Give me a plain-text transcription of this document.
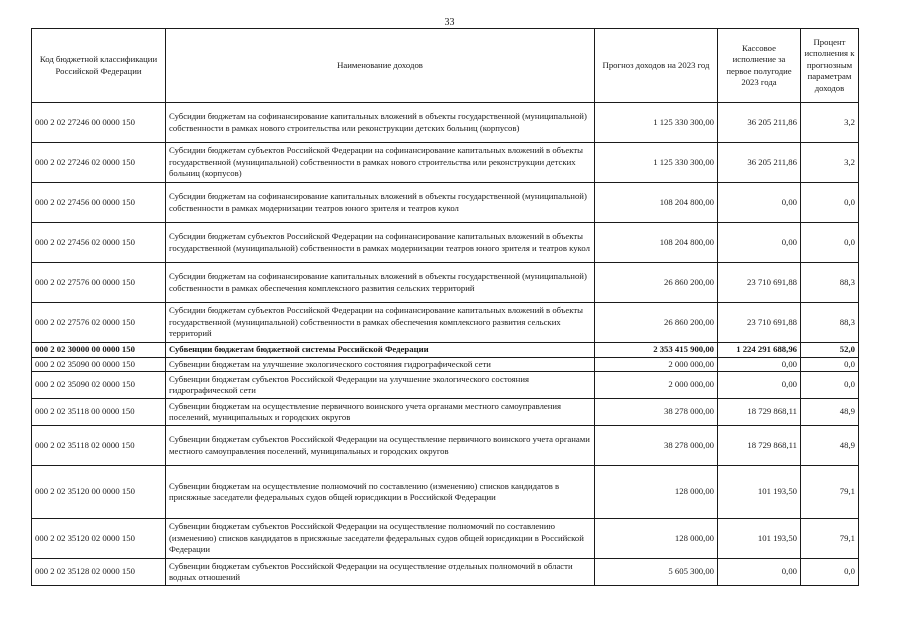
33
Код бюджетной классификации Российской Федерации	Наименование доходов	Прогноз доходов на 2023 год	Кассовое исполнение за первое полугодие 2023 года	Процент исполнения к прогнозным параметрам доходов
000 2 02 27246 00 0000 150	Субсидии бюджетам на софинансирование капитальных вложений в объекты государственной (муниципальной) собственности в рамках нового строительства или реконструкции детских больниц (корпусов)	1 125 330 300,00	36 205 211,86	3,2
000 2 02 27246 02 0000 150	Субсидии бюджетам субъектов Российской Федерации на софинансирование капитальных вложений в объекты государственной (муниципальной) собственности в рамках нового строительства или реконструкции детских больниц (корпусов)	1 125 330 300,00	36 205 211,86	3,2
000 2 02 27456 00 0000 150	Субсидии бюджетам на софинансирование капитальных вложений в объекты государственной (муниципальной) собственности в рамках модернизации театров юного зрителя и театров кукол	108 204 800,00	0,00	0,0
000 2 02 27456 02 0000 150	Субсидии бюджетам субъектов Российской Федерации на софинансирование капитальных вложений в объекты государственной (муниципальной) собственности в рамках модернизации театров юного зрителя и театров кукол	108 204 800,00	0,00	0,0
000 2 02 27576 00 0000 150	Субсидии бюджетам на софинансирование капитальных вложений в объекты государственной (муниципальной) собственности в рамках обеспечения комплексного развития сельских территорий	26 860 200,00	23 710 691,88	88,3
000 2 02 27576 02 0000 150	Субсидии бюджетам субъектов Российской Федерации на софинансирование капитальных вложений в объекты государственной (муниципальной) собственности в рамках обеспечения комплексного развития сельских территорий	26 860 200,00	23 710 691,88	88,3
000 2 02 30000 00 0000 150	Субвенции бюджетам бюджетной системы Российской Федерации	2 353 415 900,00	1 224 291 688,96	52,0
000 2 02 35090 00 0000 150	Субвенции бюджетам на улучшение экологического состояния гидрографической сети	2 000 000,00	0,00	0,0
000 2 02 35090 02 0000 150	Субвенции бюджетам субъектов Российской Федерации на улучшение экологического состояния гидрографической сети	2 000 000,00	0,00	0,0
000 2 02 35118 00 0000 150	Субвенции бюджетам на осуществление первичного воинского учета органами местного самоуправления поселений, муниципальных и городских округов	38 278 000,00	18 729 868,11	48,9
000 2 02 35118 02 0000 150	Субвенции бюджетам субъектов Российской Федерации на осуществление первичного воинского учета органами местного самоуправления поселений, муниципальных и городских округов	38 278 000,00	18 729 868,11	48,9
000 2 02 35120 00 0000 150	Субвенции бюджетам на осуществление полномочий по составлению (изменению) списков кандидатов в присяжные заседатели федеральных судов общей юрисдикции в Российской Федерации	128 000,00	101 193,50	79,1
000 2 02 35120 02 0000 150	Субвенции бюджетам субъектов Российской Федерации на осуществление полномочий по составлению (изменению) списков кандидатов в присяжные заседатели федеральных судов общей юрисдикции в Российской Федерации	128 000,00	101 193,50	79,1
000 2 02 35128 02 0000 150	Субвенции бюджетам субъектов Российской Федерации на осуществление отдельных полномочий в области водных отношений	5 605 300,00	0,00	0,0
